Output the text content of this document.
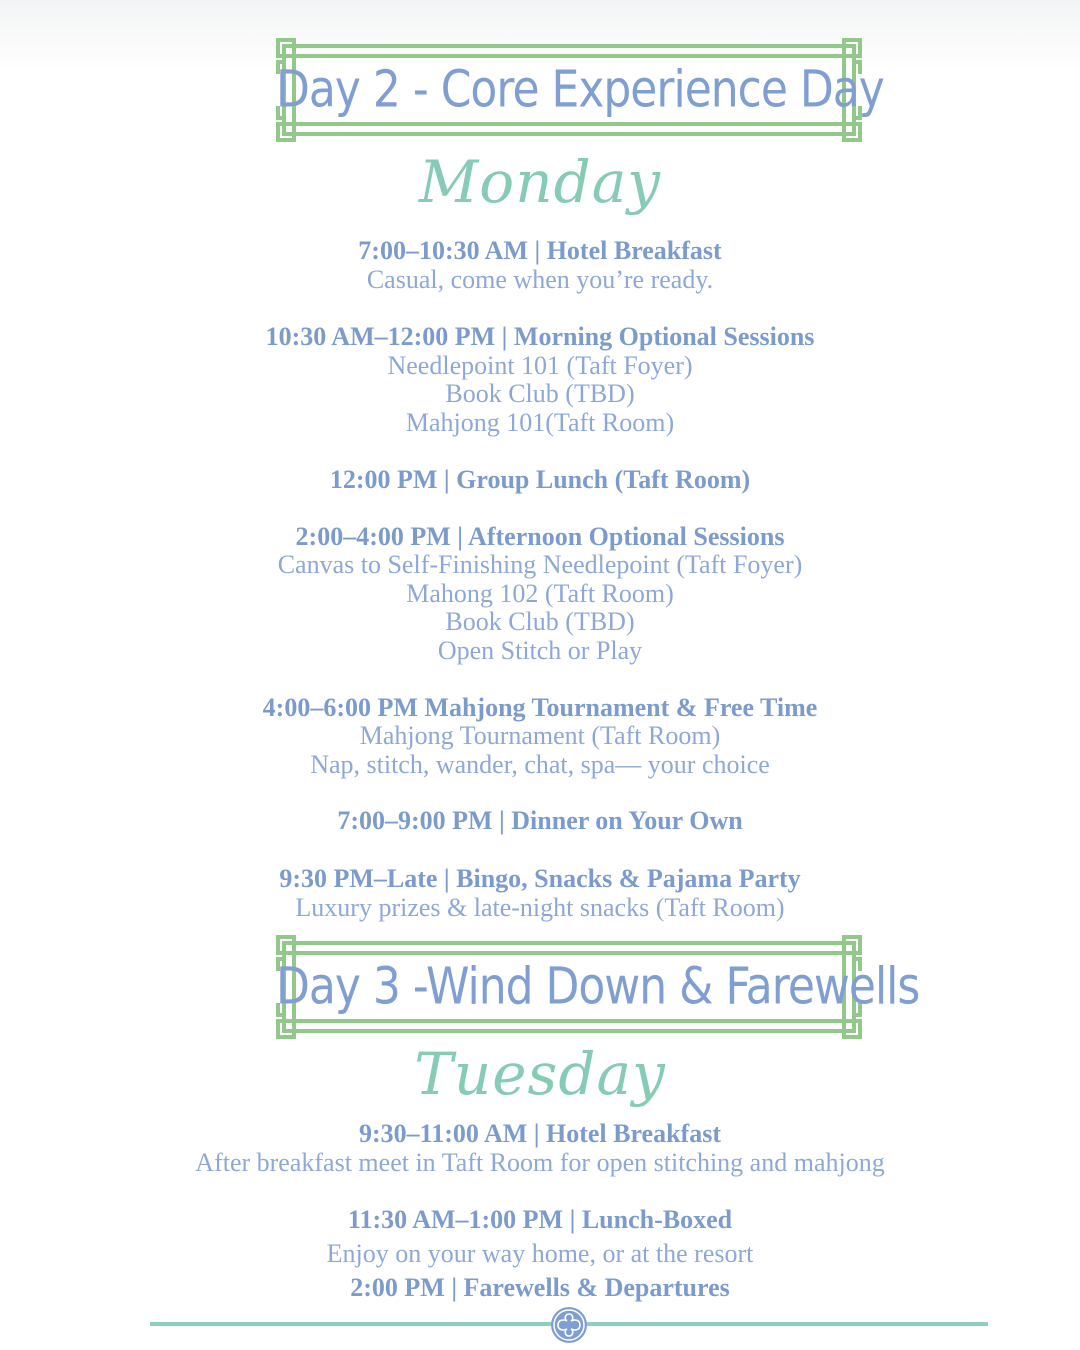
Day 2 - Core Experience Day
Monday
7:00–10:30 AM | Hotel Breakfast
Casual, come when you’re ready.
10:30 AM–12:00 PM | Morning Optional Sessions
Needlepoint 101 (Taft Foyer)
Book Club (TBD)
Mahjong 101(Taft Room)
12:00 PM | Group Lunch (Taft Room)
2:00–4:00 PM | Afternoon Optional Sessions
Canvas to Self-Finishing Needlepoint (Taft Foyer)
Mahong 102 (Taft Room)
Book Club (TBD)
Open Stitch or Play
4:00–6:00 PM Mahjong Tournament & Free Time
Mahjong Tournament (Taft Room)
Nap, stitch, wander, chat, spa— your choice
7:00–9:00 PM | Dinner on Your Own
9:30 PM–Late | Bingo, Snacks & Pajama Party
Luxury prizes & late-night snacks (Taft Room)
Day 3 -Wind Down & Farewells
Tuesday
9:30–11:00 AM | Hotel Breakfast
After breakfast meet in Taft Room for open stitching and mahjong
11:30 AM–1:00 PM | Lunch-Boxed
Enjoy on your way home, or at the resort
2:00 PM | Farewells & Departures
